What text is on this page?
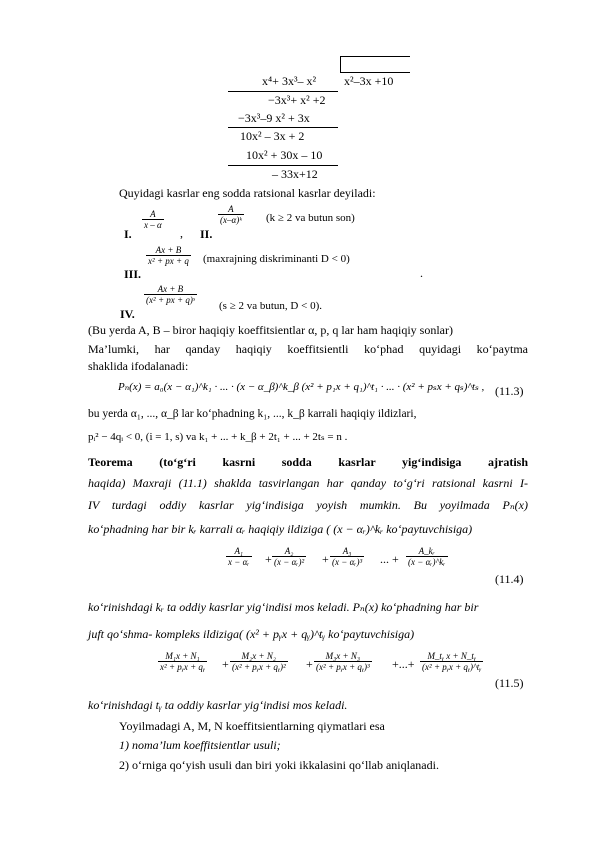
x⁴+ 3x³– x² x²–3x +10
−3x³+ x² +2
−3x³–9 x² + 3x
10x² – 3x + 2
10x² + 30x – 10
– 33x+12
Quyidagi kasrlar eng sodda ratsional kasrlar deyiladi:
I.
A
x – α
, II.
A
(x–α)ᵏ (k ≥ 2 va butun son)
III.
Ax + B
x² + px + q (maxrajning diskriminanti D < 0)
.
IV.
Ax + B
(x² + px + q)ˢ (s ≥ 2 va butun, D < 0).
(Bu yerda A, B – biror haqiqiy koeffitsientlar α, p, q lar ham haqiqiy sonlar)
Ma’lumki, har qanday haqiqiy koeffitsientli ko‘phad quyidagi ko‘paytma
shaklida ifodalanadi:
Pₙ(x) = a₀(x − α₁)^k₁ · ... · (x − α_β)^k_β (x² + p₁x + q₁)^t₁ · ... · (x² + pₛx + qₛ)^tₛ , (11.3)
bu yerda α₁, ..., α_β lar ko‘phadning k₁, ..., k_β karrali haqiqiy ildizlari,
pᵢ² − 4qᵢ < 0, (i = 1, s) va k₁ + ... + k_β + 2t₁ + ... + 2tₛ = n .
Teorema (to‘g‘ri kasrni sodda kasrlar yig‘indisiga ajratish
haqida) Maxraji (11.1) shaklda tasvirlangan har qanday to‘g‘ri ratsional kasrni I-
IV turdagi oddiy kasrlar yig‘indisiga yoyish mumkin. Bu yoyilmada Pₙ(x)
ko‘phadning har bir kᵣ karrali αᵣ haqiqiy ildiziga ( (x − αᵣ)^kᵣ ko‘paytuvchisiga)
A₁
x − αᵣ +
A₂
(x − αᵣ)² +
A₃
(x − αᵣ)³ ... +
A_kᵣ
(x − αᵣ)^kᵣ
(11.4)
ko‘rinishdagi kᵣ ta oddiy kasrlar yig‘indisi mos keladi. Pₙ(x) ko‘phadning har bir
juft qo‘shma- kompleks ildiziga( (x² + pᵧx + qᵧ)^tᵧ ko‘paytuvchisiga)
M₁x + N₁
x² + pᵧx + qᵧ +
M₂x + N₂
(x² + pᵧx + qᵧ)² +
M₃x + N₃
(x² + pᵧx + qᵧ)³ +...+
M_tᵧ x + N_tᵧ
(x² + pᵧx + qᵧ)^tᵧ
(11.5)
ko‘rinishdagi tᵧ ta oddiy kasrlar yig‘indisi mos keladi.
Yoyilmadagi A, M, N koeffitsientlarning qiymatlari esa
1) noma’lum koeffitsientlar usuli;
2) o‘rniga qo‘yish usuli dan biri yoki ikkalasini qo‘llab aniqlanadi.
